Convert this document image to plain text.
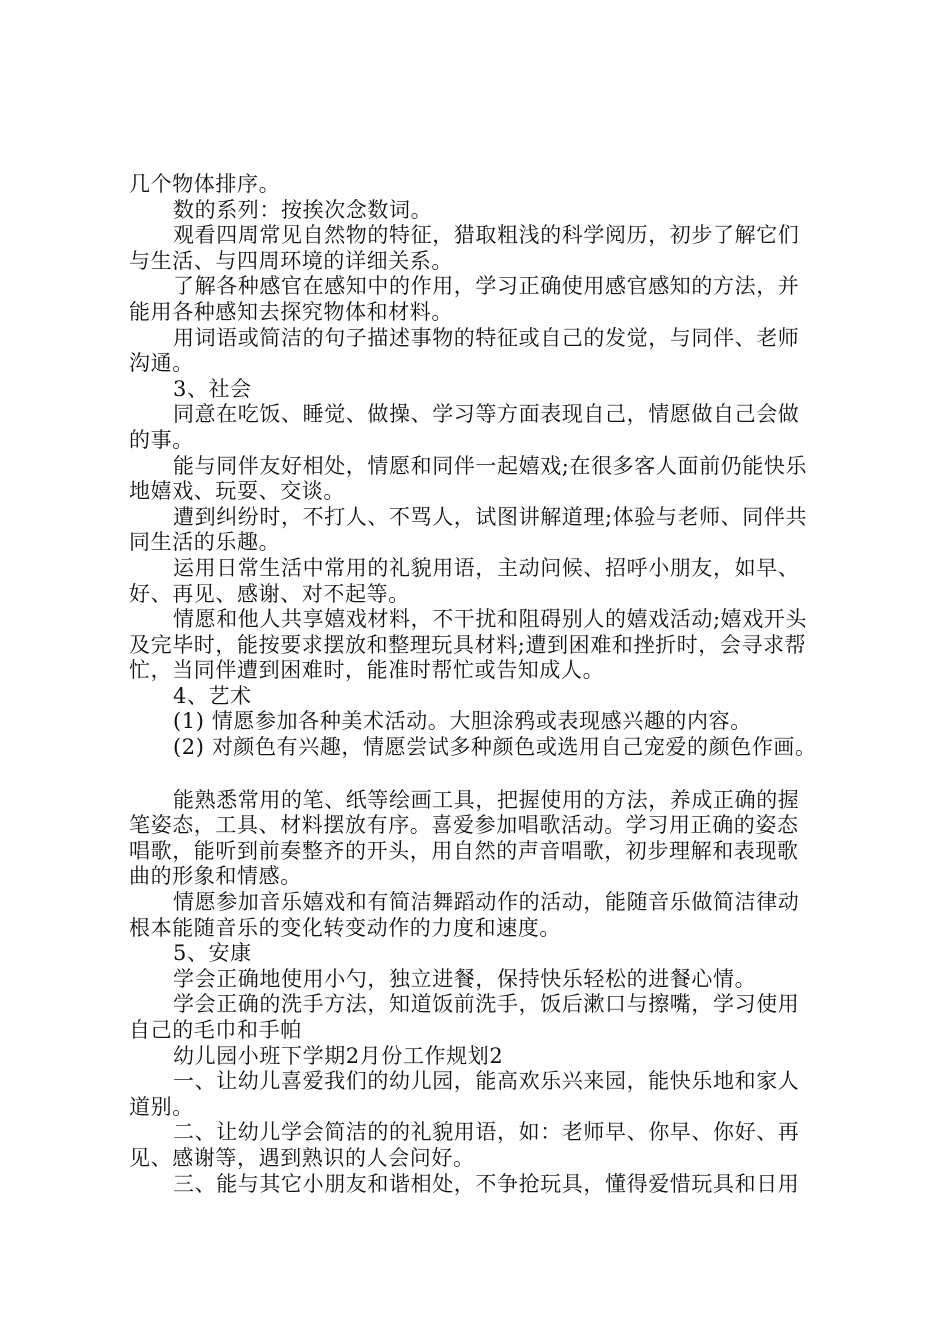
几个物体排序。
数的系列：按挨次念数词。
观看四周常见自然物的特征，猎取粗浅的科学阅历，初步了解它们
与生活、与四周环境的详细关系。
了解各种感官在感知中的作用，学习正确使用感官感知的方法，并
能用各种感知去探究物体和材料。
用词语或简洁的句子描述事物的特征或自己的发觉，与同伴、老师
沟通。
3、社会
同意在吃饭、睡觉、做操、学习等方面表现自己，情愿做自己会做
的事。
能与同伴友好相处，情愿和同伴一起嬉戏;在很多客人面前仍能快乐
地嬉戏、玩耍、交谈。
遭到纠纷时，不打人、不骂人，试图讲解道理;体验与老师、同伴共
同生活的乐趣。
运用日常生活中常用的礼貌用语，主动问候、招呼小朋友，如早、
好、再见、感谢、对不起等。
情愿和他人共享嬉戏材料，不干扰和阻碍别人的嬉戏活动;嬉戏开头
及完毕时，能按要求摆放和整理玩具材料;遭到困难和挫折时，会寻求帮
忙，当同伴遭到困难时，能准时帮忙或告知成人。
4、艺术
(1) 情愿参加各种美术活动。大胆涂鸦或表现感兴趣的内容。
(2) 对颜色有兴趣，情愿尝试多种颜色或选用自己宠爱的颜色作画。
能熟悉常用的笔、纸等绘画工具，把握使用的方法，养成正确的握
笔姿态，工具、材料摆放有序。喜爱参加唱歌活动。学习用正确的姿态
唱歌，能听到前奏整齐的开头，用自然的声音唱歌，初步理解和表现歌
曲的形象和情感。
情愿参加音乐嬉戏和有简洁舞蹈动作的活动，能随音乐做简洁律动
根本能随音乐的变化转变动作的力度和速度。
5、安康
学会正确地使用小勺，独立进餐，保持快乐轻松的进餐心情。
学会正确的洗手方法，知道饭前洗手，饭后漱口与擦嘴，学习使用
自己的毛巾和手帕
幼儿园小班下学期2月份工作规划2
一、让幼儿喜爱我们的幼儿园，能高欢乐兴来园，能快乐地和家人
道别。
二、让幼儿学会简洁的的礼貌用语，如：老师早、你早、你好、再
见、感谢等，遇到熟识的人会问好。
三、能与其它小朋友和谐相处，不争抢玩具，懂得爱惜玩具和日用
